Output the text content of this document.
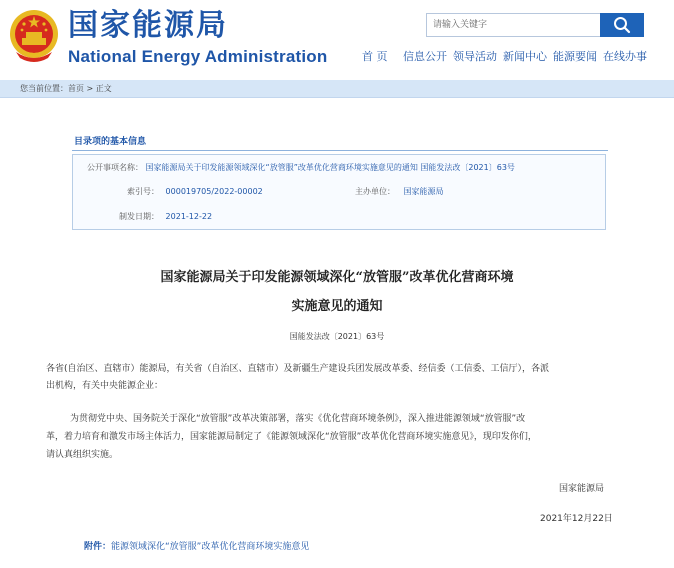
国家能源局
National Energy Administration
请输入关键字	首 页 信息公开 领导活动 新闻中心 能源要闻 在线办事
您当前位置：首页 > 正文
目录项的基本信息
公开事项名称： 国家能源局关于印发能源领域深化“放管服”改革优化营商环境实施意见的通知 国能发法改〔2021〕63号
索引号： 000019705/2022-00002	主办单位： 国家能源局
制发日期： 2021-12-22
国家能源局关于印发能源领域深化“放管服”改革优化营商环境
实施意见的通知
国能发法改〔2021〕63号
各省(自治区、直辖市）能源局，有关省（自治区、直辖市）及新疆生产建设兵团发展改革委、经信委（工信委、工信厅），各派
出机构，有关中央能源企业：
为贯彻党中央、国务院关于深化“放管服”改革决策部署，落实《优化营商环境条例》，深入推进能源领域“放管服”改
革，着力培育和激发市场主体活力，国家能源局制定了《能源领域深化“放管服”改革优化营商环境实施意见》，现印发你们，
请认真组织实施。
国家能源局
2021年12月22日
附件：能源领域深化“放管服”改革优化营商环境实施意见
